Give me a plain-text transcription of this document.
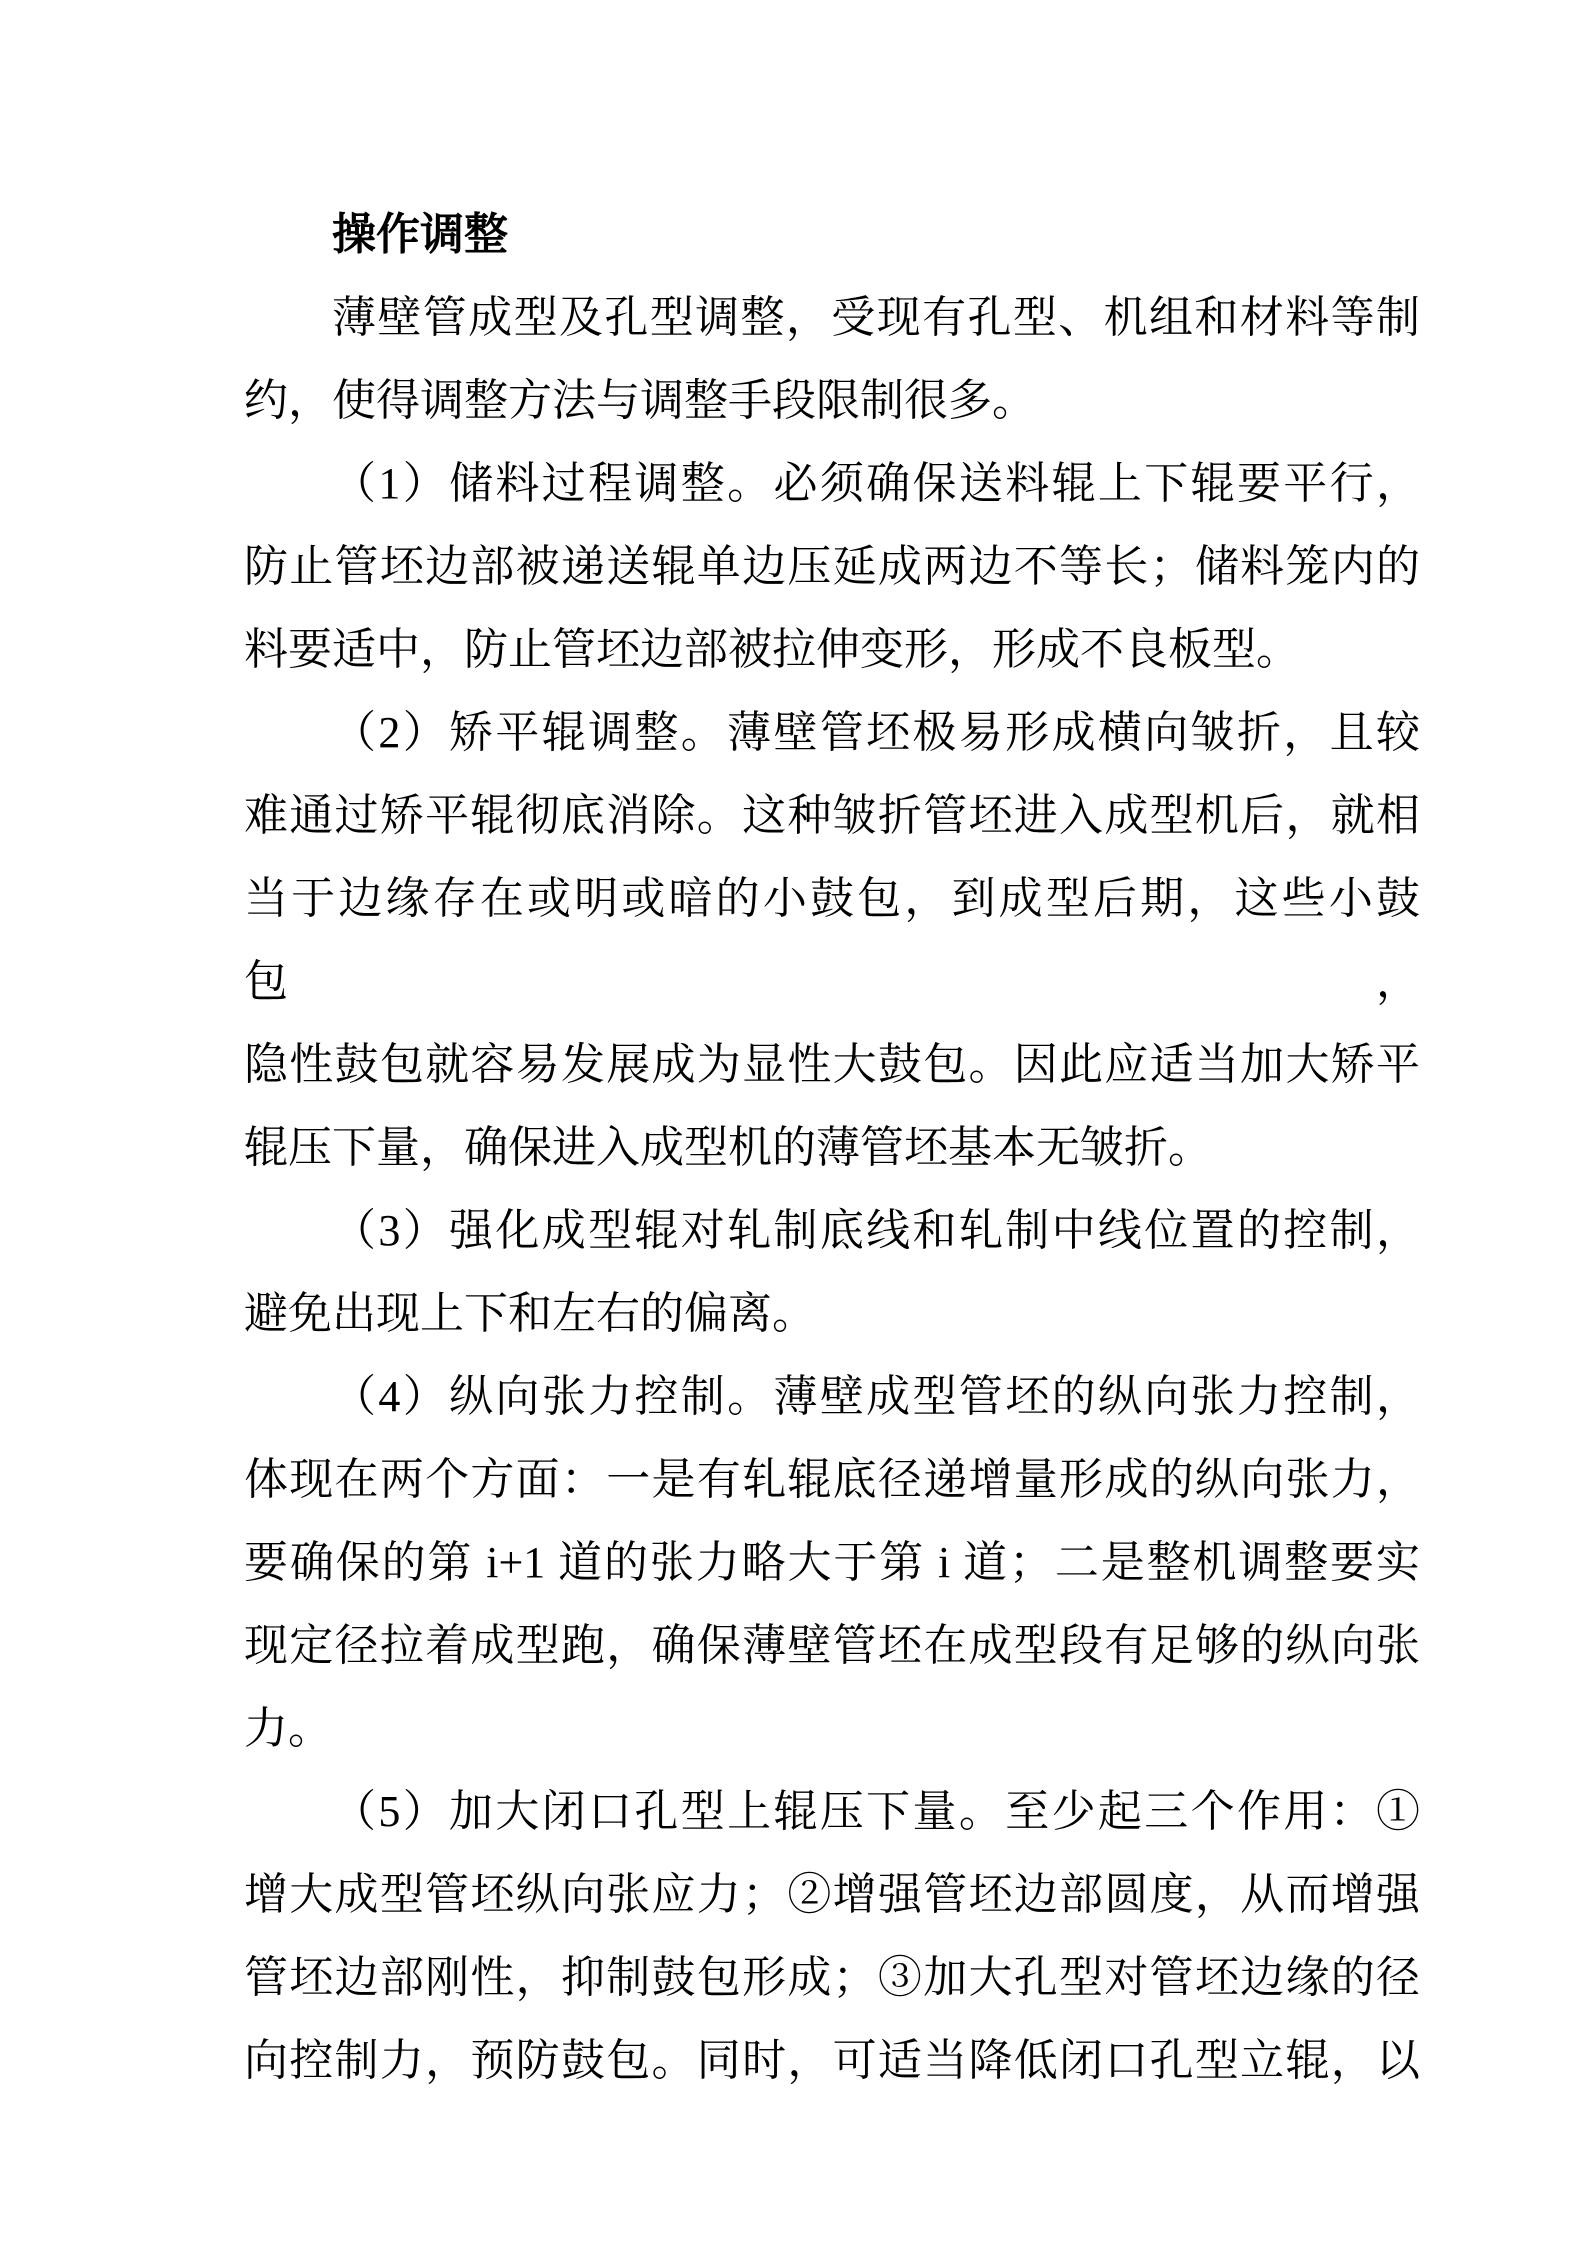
操作调整
薄壁管成型及孔型调整，受现有孔型、机组和材料等制
约，使得调整方法与调整手段限制很多。
（1）储料过程调整。必须确保送料辊上下辊要平行，
防止管坯边部被递送辊单边压延成两边不等长；储料笼内的
料要适中，防止管坯边部被拉伸变形，形成不良板型。
（2）矫平辊调整。薄壁管坯极易形成横向皱折，且较
难通过矫平辊彻底消除。这种皱折管坯进入成型机后，就相
当于边缘存在或明或暗的小鼓包，到成型后期，这些小鼓包，
隐性鼓包就容易发展成为显性大鼓包。因此应适当加大矫平
辊压下量，确保进入成型机的薄管坯基本无皱折。
（3）强化成型辊对轧制底线和轧制中线位置的控制，
避免出现上下和左右的偏离。
（4）纵向张力控制。薄壁成型管坯的纵向张力控制，
体现在两个方面：一是有轧辊底径递增量形成的纵向张力，
要确保的第 i+1 道的张力略大于第 i 道；二是整机调整要实
现定径拉着成型跑，确保薄壁管坯在成型段有足够的纵向张
力。
（5）加大闭口孔型上辊压下量。至少起三个作用：①
增大成型管坯纵向张应力；②增强管坯边部圆度，从而增强
管坯边部刚性，抑制鼓包形成；③加大孔型对管坯边缘的径
向控制力，预防鼓包。同时，可适当降低闭口孔型立辊，以
